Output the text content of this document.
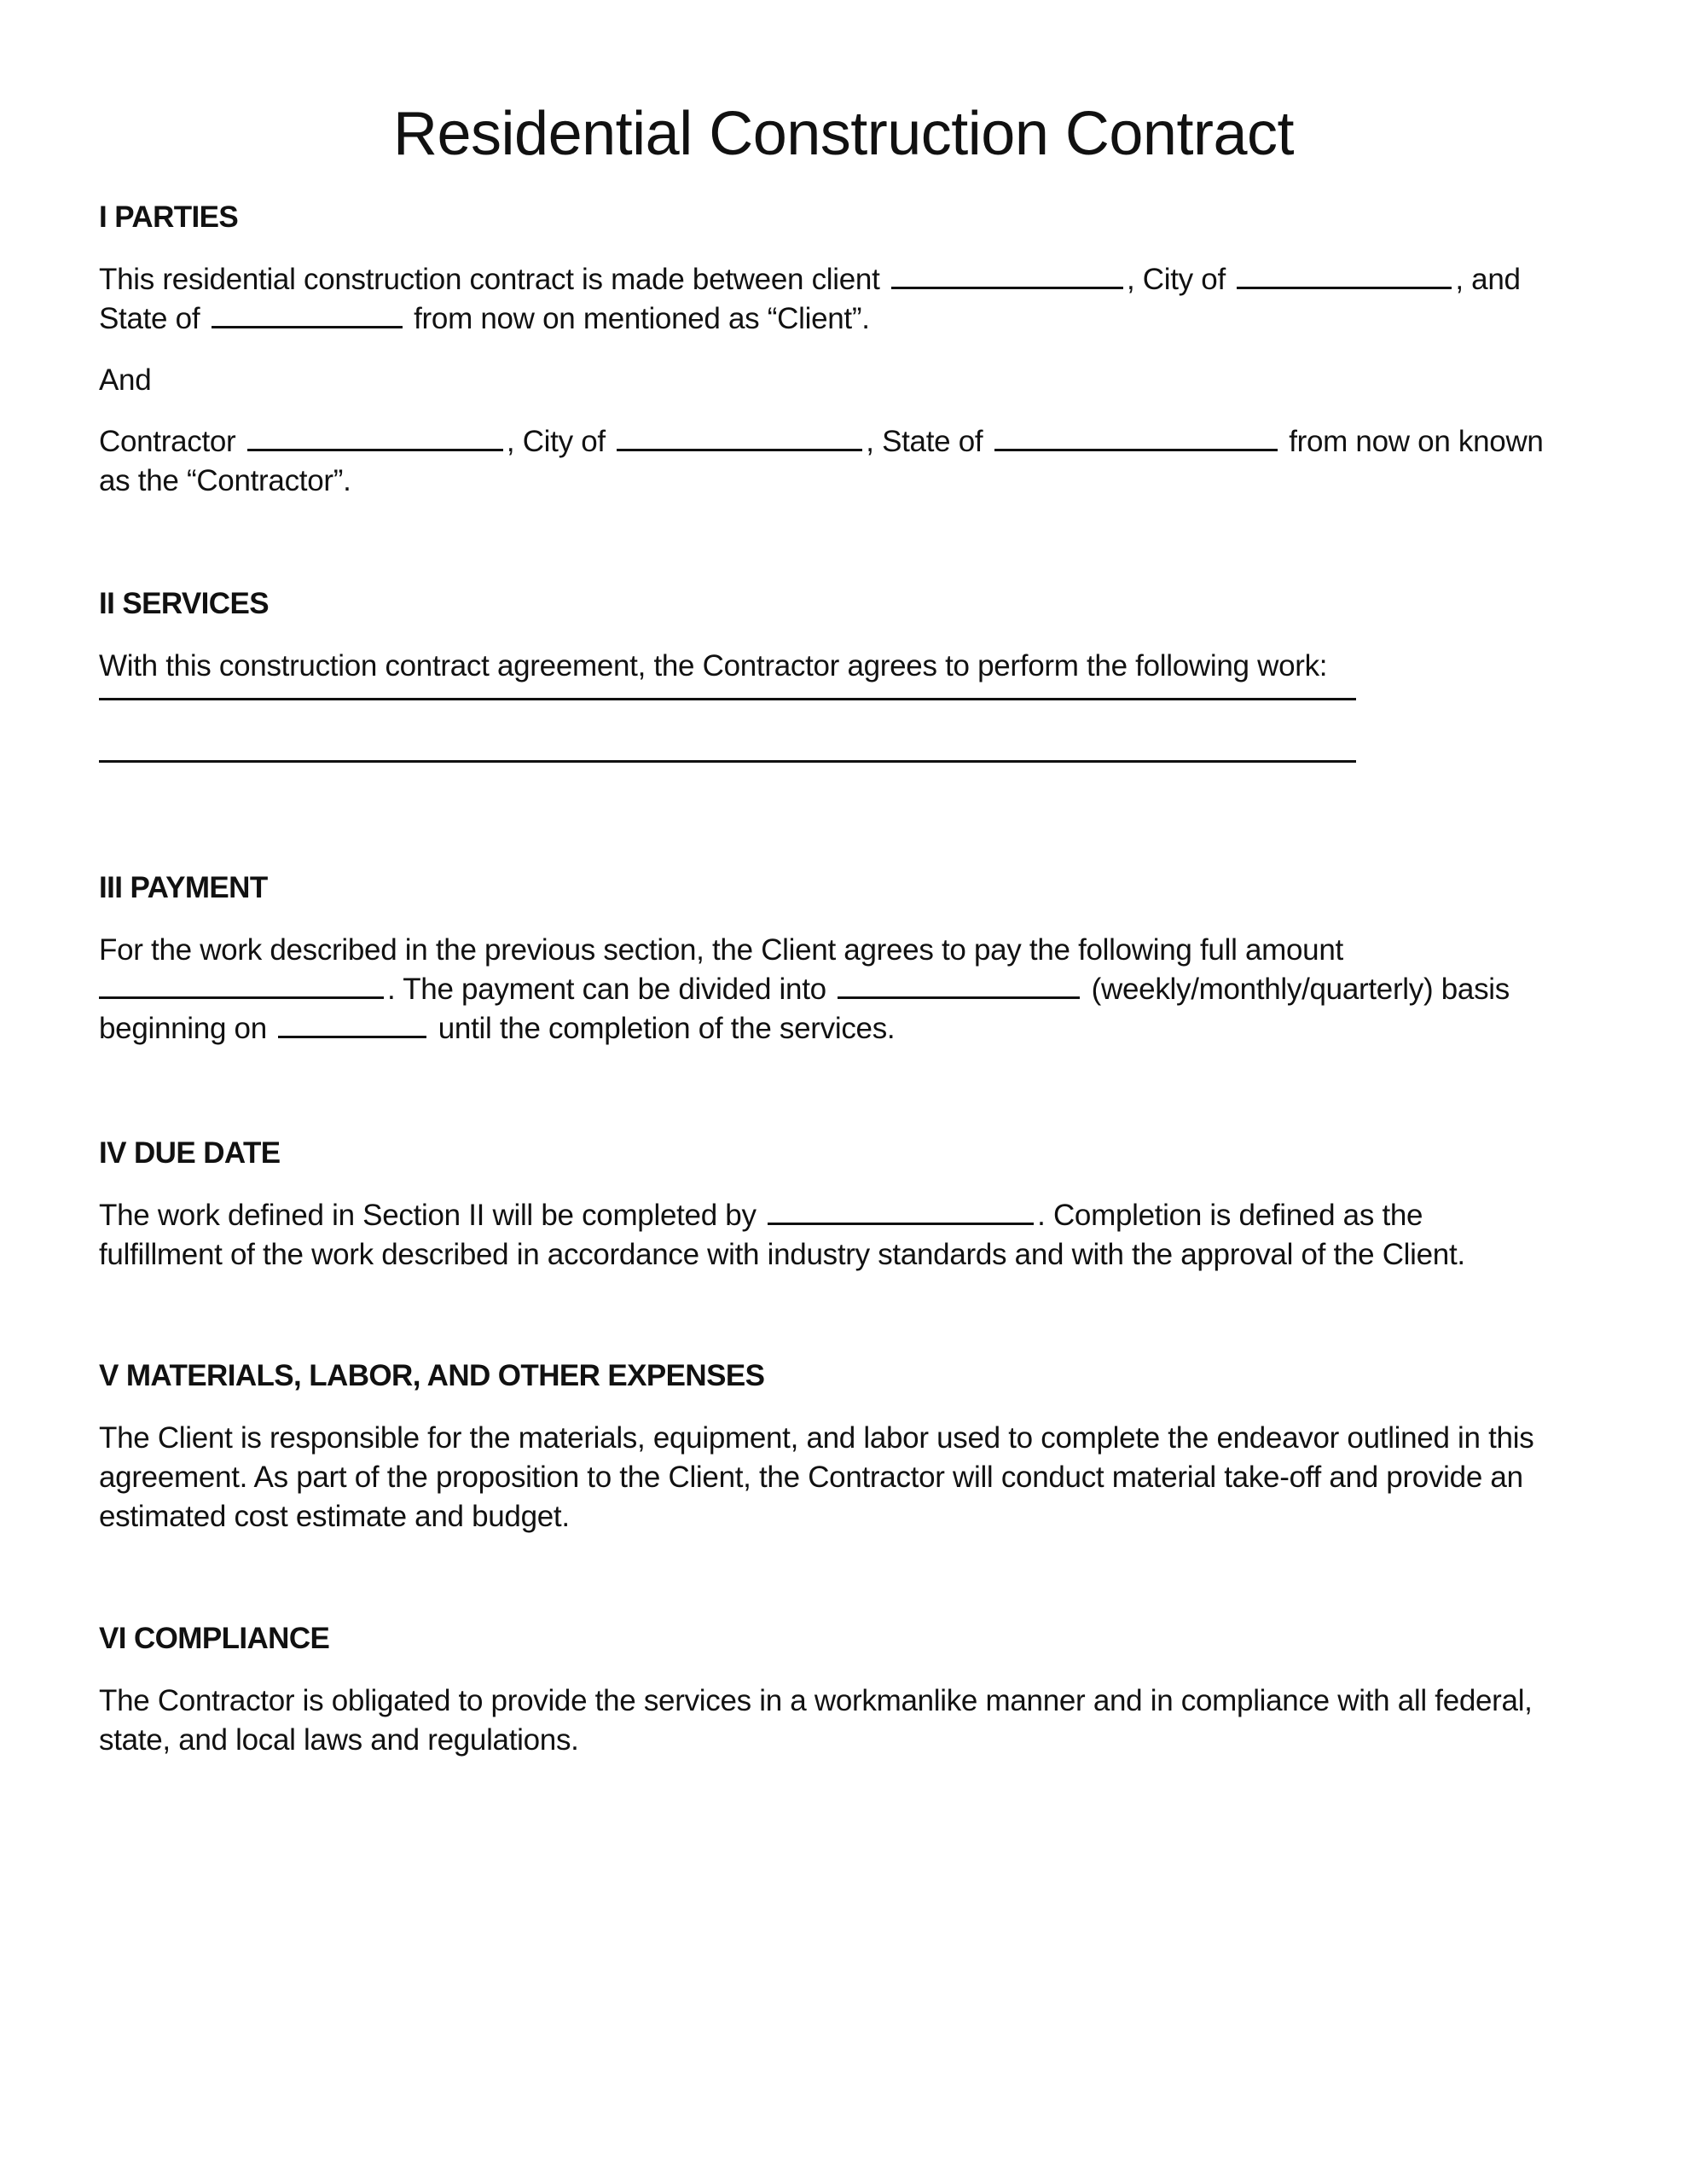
Residential Construction Contract
I PARTIES

This residential construction contract is made between client	, City of	, and
State of	from now on mentioned as “Client”.

And

Contractor	, City of	, State of	from now on known
as the “Contractor”.

II SERVICES

With this construction contract agreement, the Contractor agrees to perform the following work:

III PAYMENT

For the work described in the previous section, the Client agrees to pay the following full amount
. The payment can be divided into	(weekly/monthly/quarterly) basis
beginning on	until the completion of the services.

IV DUE DATE

The work defined in Section II will be completed by	. Completion is defined as the
fulfillment of the work described in accordance with industry standards and with the approval of the Client.

V MATERIALS, LABOR, AND OTHER EXPENSES

The Client is responsible for the materials, equipment, and labor used to complete the endeavor outlined in this
agreement. As part of the proposition to the Client, the Contractor will conduct material take-off and provide an
estimated cost estimate and budget.

VI COMPLIANCE

The Contractor is obligated to provide the services in a workmanlike manner and in compliance with all federal,
state, and local laws and regulations.
